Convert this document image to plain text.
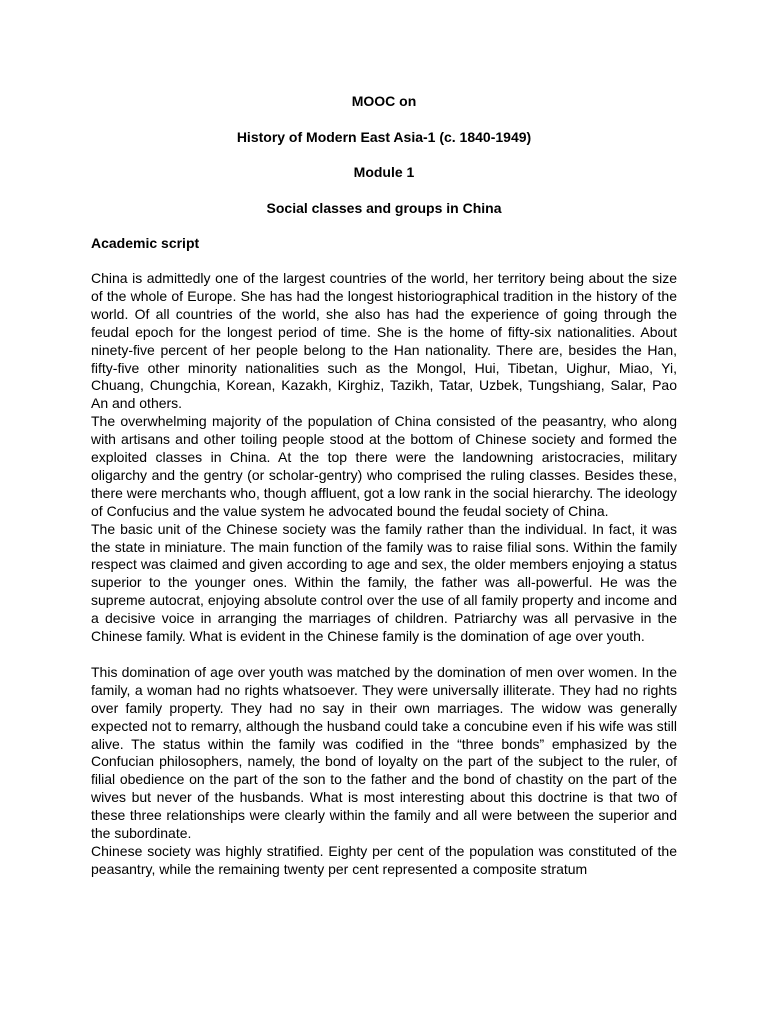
MOOC on
History of Modern East Asia-1 (c. 1840-1949)
Module 1
Social classes and groups in China
Academic script

China is admittedly one of the largest countries of the world, her territory being about the size of the whole of Europe. She has had the longest historiographical tradition in the history of the world. Of all countries of the world, she also has had the experience of going through the feudal epoch for the longest period of time. She is the home of fifty-six nationalities. About ninety-five percent of her people belong to the Han nationality. There are, besides the Han, fifty-five other minority nationalities such as the Mongol, Hui, Tibetan, Uighur, Miao, Yi, Chuang, Chungchia, Korean, Kazakh, Kirghiz, Tazikh, Tatar, Uzbek, Tungshiang, Salar, Pao An and others.

The overwhelming majority of the population of China consisted of the peasantry, who along with artisans and other toiling people stood at the bottom of Chinese society and formed the exploited classes in China. At the top there were the landowning aristocracies, military oligarchy and the gentry (or scholar-gentry) who comprised the ruling classes. Besides these, there were merchants who, though affluent, got a low rank in the social hierarchy. The ideology of Confucius and the value system he advocated bound the feudal society of China.

The basic unit of the Chinese society was the family rather than the individual. In fact, it was the state in miniature. The main function of the family was to raise filial sons. Within the family respect was claimed and given according to age and sex, the older members enjoying a status superior to the younger ones. Within the family, the father was all-powerful. He was the supreme autocrat, enjoying absolute control over the use of all family property and income and a decisive voice in arranging the marriages of children. Patriarchy was all pervasive in the Chinese family. What is evident in the Chinese family is the domination of age over youth.

This domination of age over youth was matched by the domination of men over women. In the family, a woman had no rights whatsoever. They were universally illiterate. They had no rights over family property. They had no say in their own marriages. The widow was generally expected not to remarry, although the husband could take a concubine even if his wife was still alive. The status within the family was codified in the “three bonds” emphasized by the Confucian philosophers, namely, the bond of loyalty on the part of the subject to the ruler, of filial obedience on the part of the son to the father and the bond of chastity on the part of the wives but never of the husbands. What is most interesting about this doctrine is that two of these three relationships were clearly within the family and all were between the superior and the subordinate.

Chinese society was highly stratified. Eighty per cent of the population was constituted of the peasantry, while the remaining twenty per cent represented a composite stratum
